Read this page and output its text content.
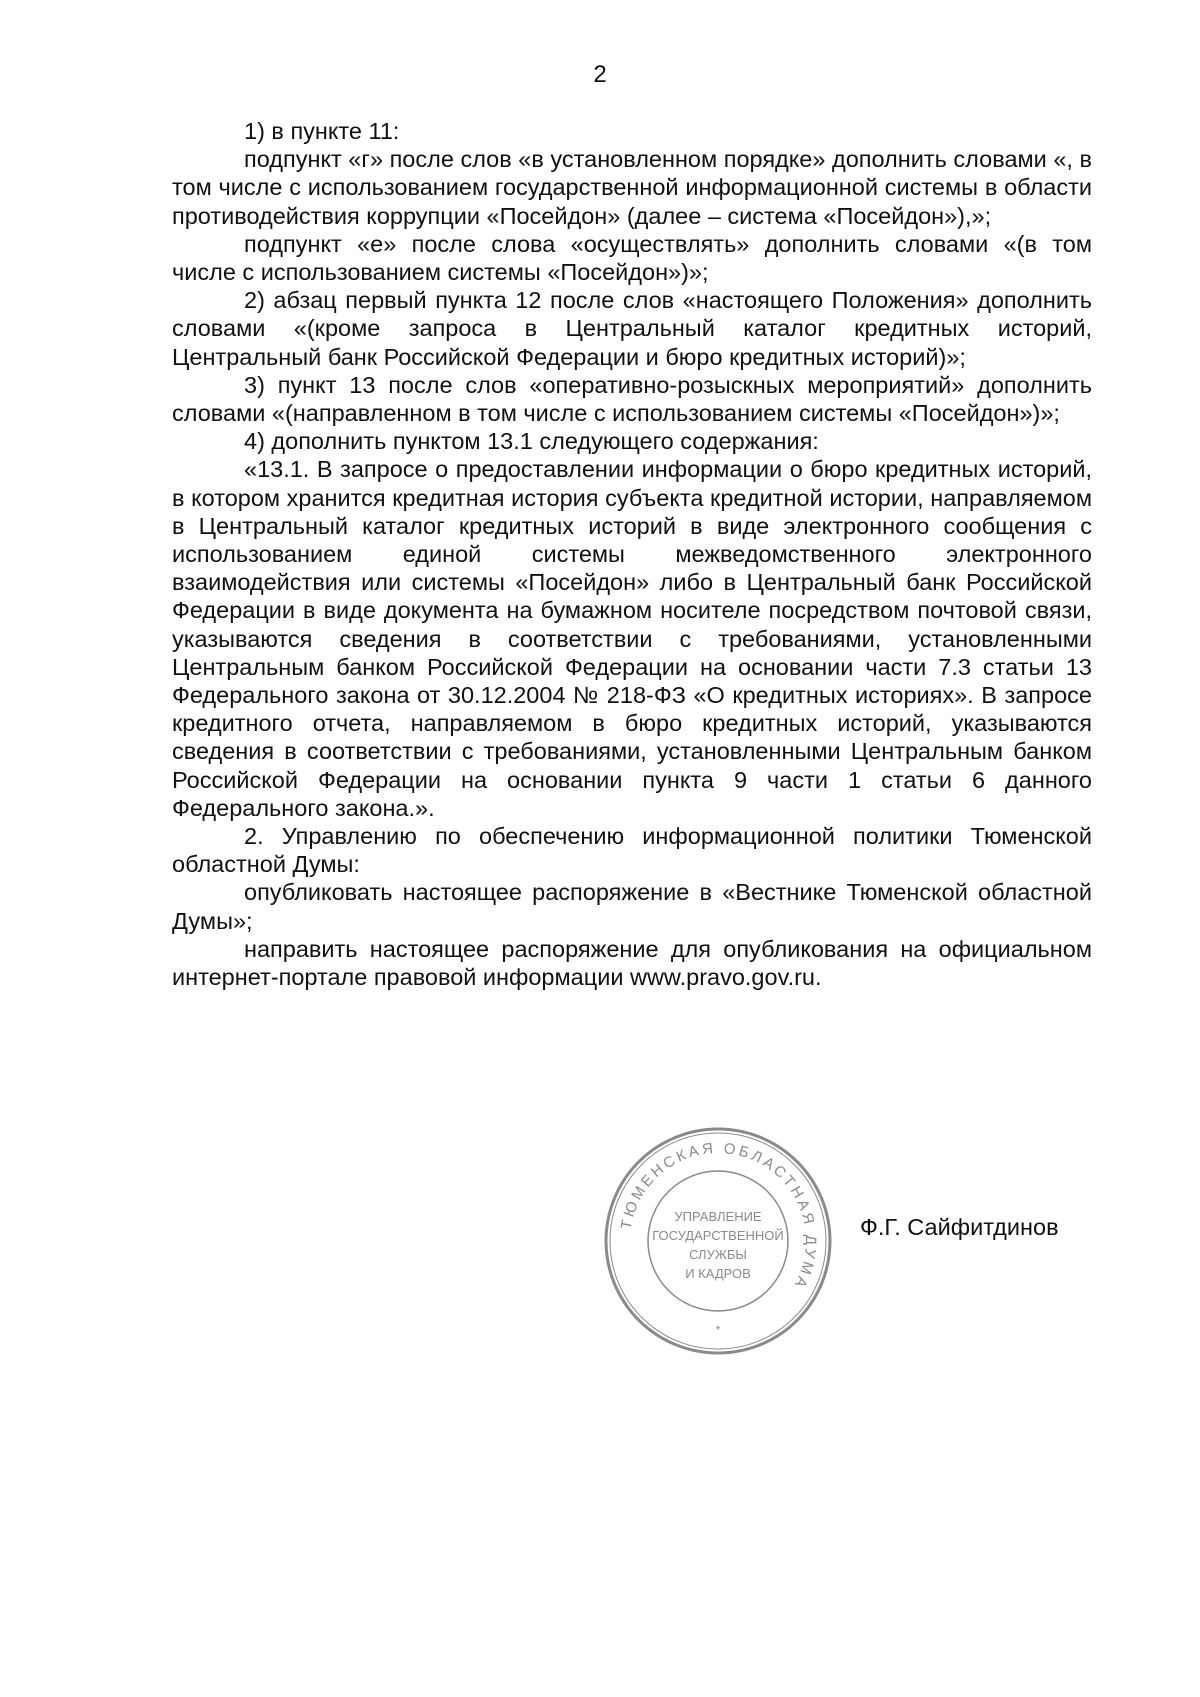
2

1) в пункте 11:

подпункт «г» после слов «в установленном порядке» дополнить словами «, в том числе с использованием государственной информационной системы в области противодействия коррупции «Посейдон» (далее – система «Посейдон»),»;

подпункт «е» после слова «осуществлять» дополнить словами «(в том числе с использованием системы «Посейдон»)»;

2) абзац первый пункта 12 после слов «настоящего Положения» дополнить словами «(кроме запроса в Центральный каталог кредитных историй, Центральный банк Российской Федерации и бюро кредитных историй)»;

3) пункт 13 после слов «оперативно-розыскных мероприятий» дополнить словами «(направленном в том числе с использованием системы «Посейдон»)»;

4) дополнить пунктом 13.1 следующего содержания:

«13.1. В запросе о предоставлении информации о бюро кредитных историй, в котором хранится кредитная история субъекта кредитной истории, направляемом в Центральный каталог кредитных историй в виде электронного сообщения с использованием единой системы межведомственного электронного взаимодействия или системы «Посейдон» либо в Центральный банк Российской Федерации в виде документа на бумажном носителе посредством почтовой связи, указываются сведения в соответствии с требованиями, установленными Центральным банком Российской Федерации на основании части 7.3 статьи 13 Федерального закона от 30.12.2004 № 218-ФЗ «О кредитных историях». В запросе кредитного отчета, направляемом в бюро кредитных историй, указываются сведения в соответствии с требованиями, установленными Центральным банком Российской Федерации на основании пункта 9 части 1 статьи 6 данного Федерального закона.».

2. Управлению по обеспечению информационной политики Тюменской областной Думы:

опубликовать настоящее распоряжение в «Вестнике Тюменской областной Думы»;

направить настоящее распоряжение для опубликования на официальном интернет-портале правовой информации www.pravo.gov.ru.

ТЮМЕНСКАЯ ОБЛАСТНАЯ ДУМА
УПРАВЛЕНИЕ
ГОСУДАРСТВЕННОЙ
СЛУЖБЫ
И КАДРОВ
*
Ф.Г. Сайфитдинов
